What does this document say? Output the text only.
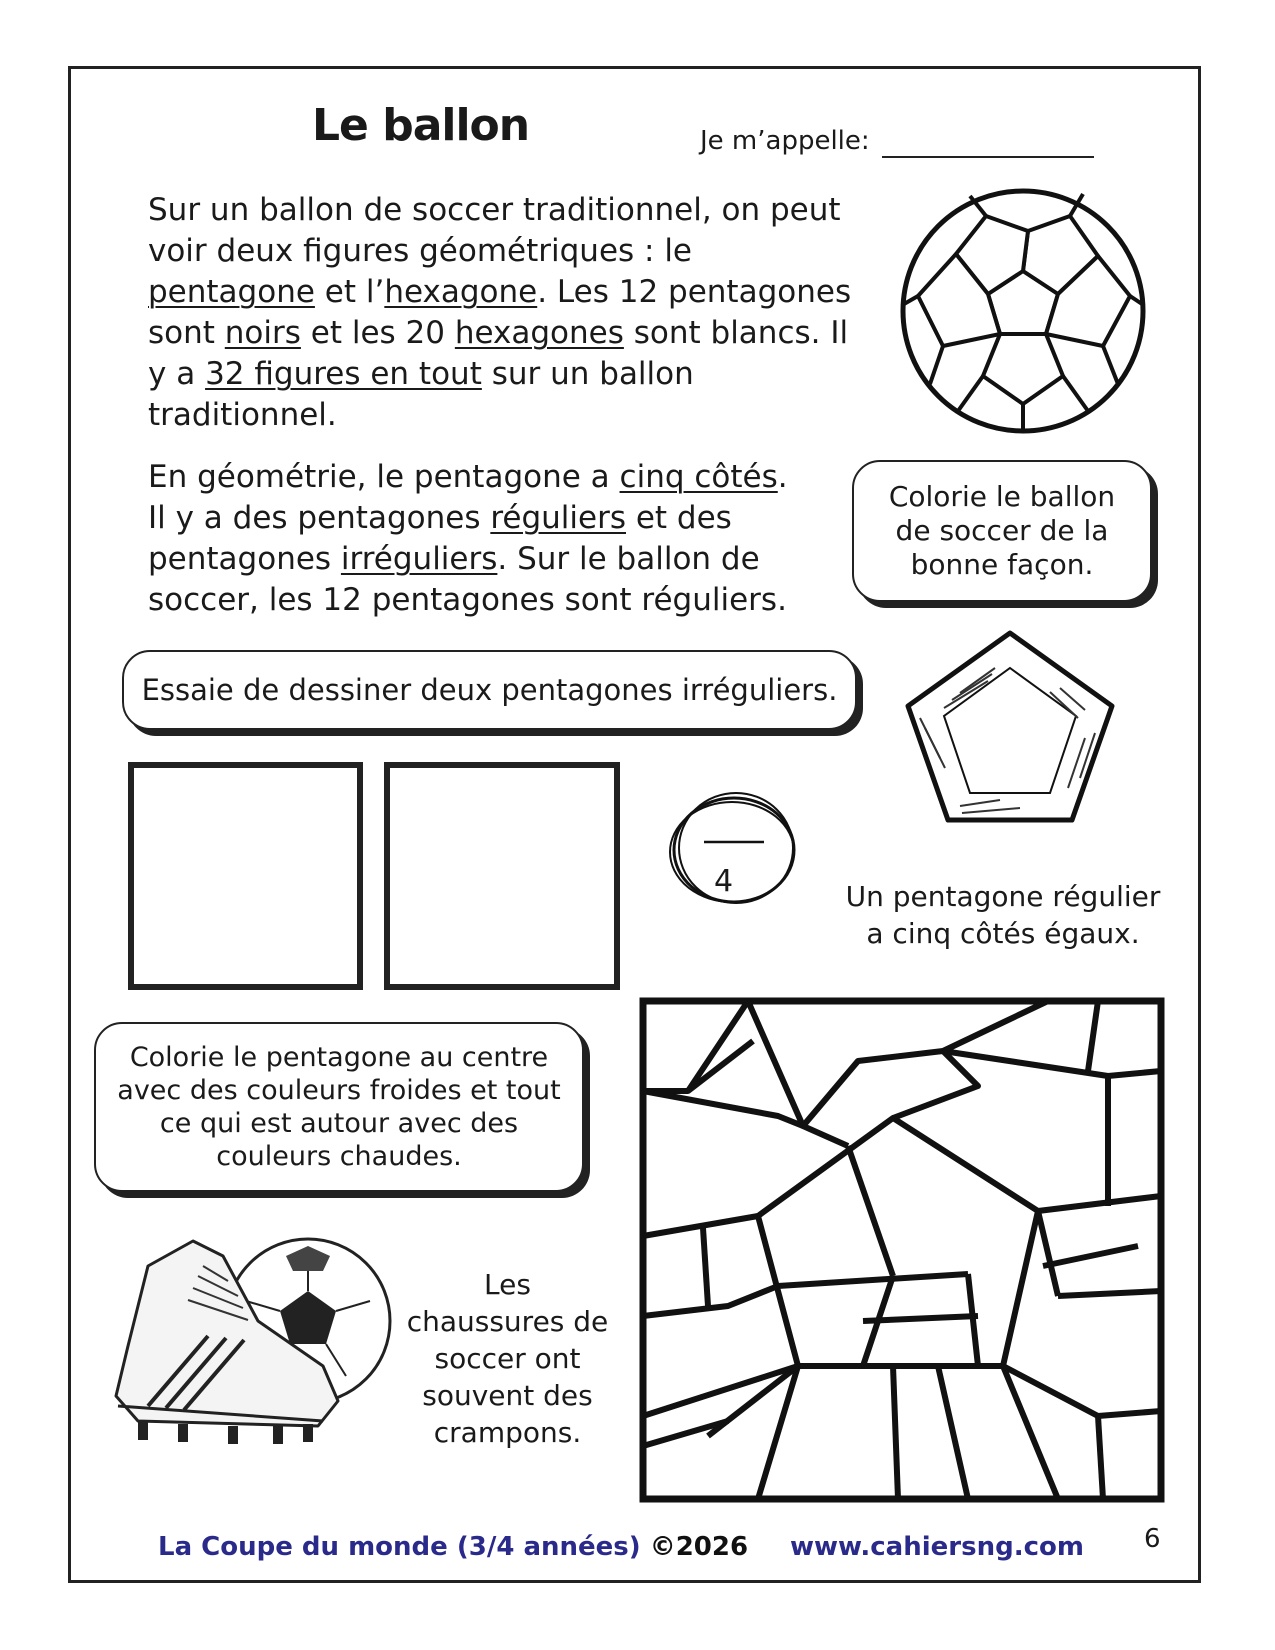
Le ballon	Je m’appelle:
Sur un ballon de soccer traditionnel, on peut voir deux figures géométriques : le pentagone et l’hexagone. Les 12 pentagones sont noirs et les 20 hexagones sont blancs. Il y a 32 figures en tout sur un ballon traditionnel.
En géométrie, le pentagone a cinq côtés. Il y a des pentagones réguliers et des pentagones irréguliers. Sur le ballon de soccer, les 12 pentagones sont réguliers.
Colorie le ballon de soccer de la bonne façon.
Essaie de dessiner deux pentagones irréguliers.
4	Un pentagone régulier a cinq côtés égaux.
Colorie le pentagone au centre avec des couleurs froides et tout ce qui est autour avec des couleurs chaudes.
Les chaussures de soccer ont souvent des crampons.
La Coupe du monde (3/4 années) ©2026 www.cahiersng.com 6
